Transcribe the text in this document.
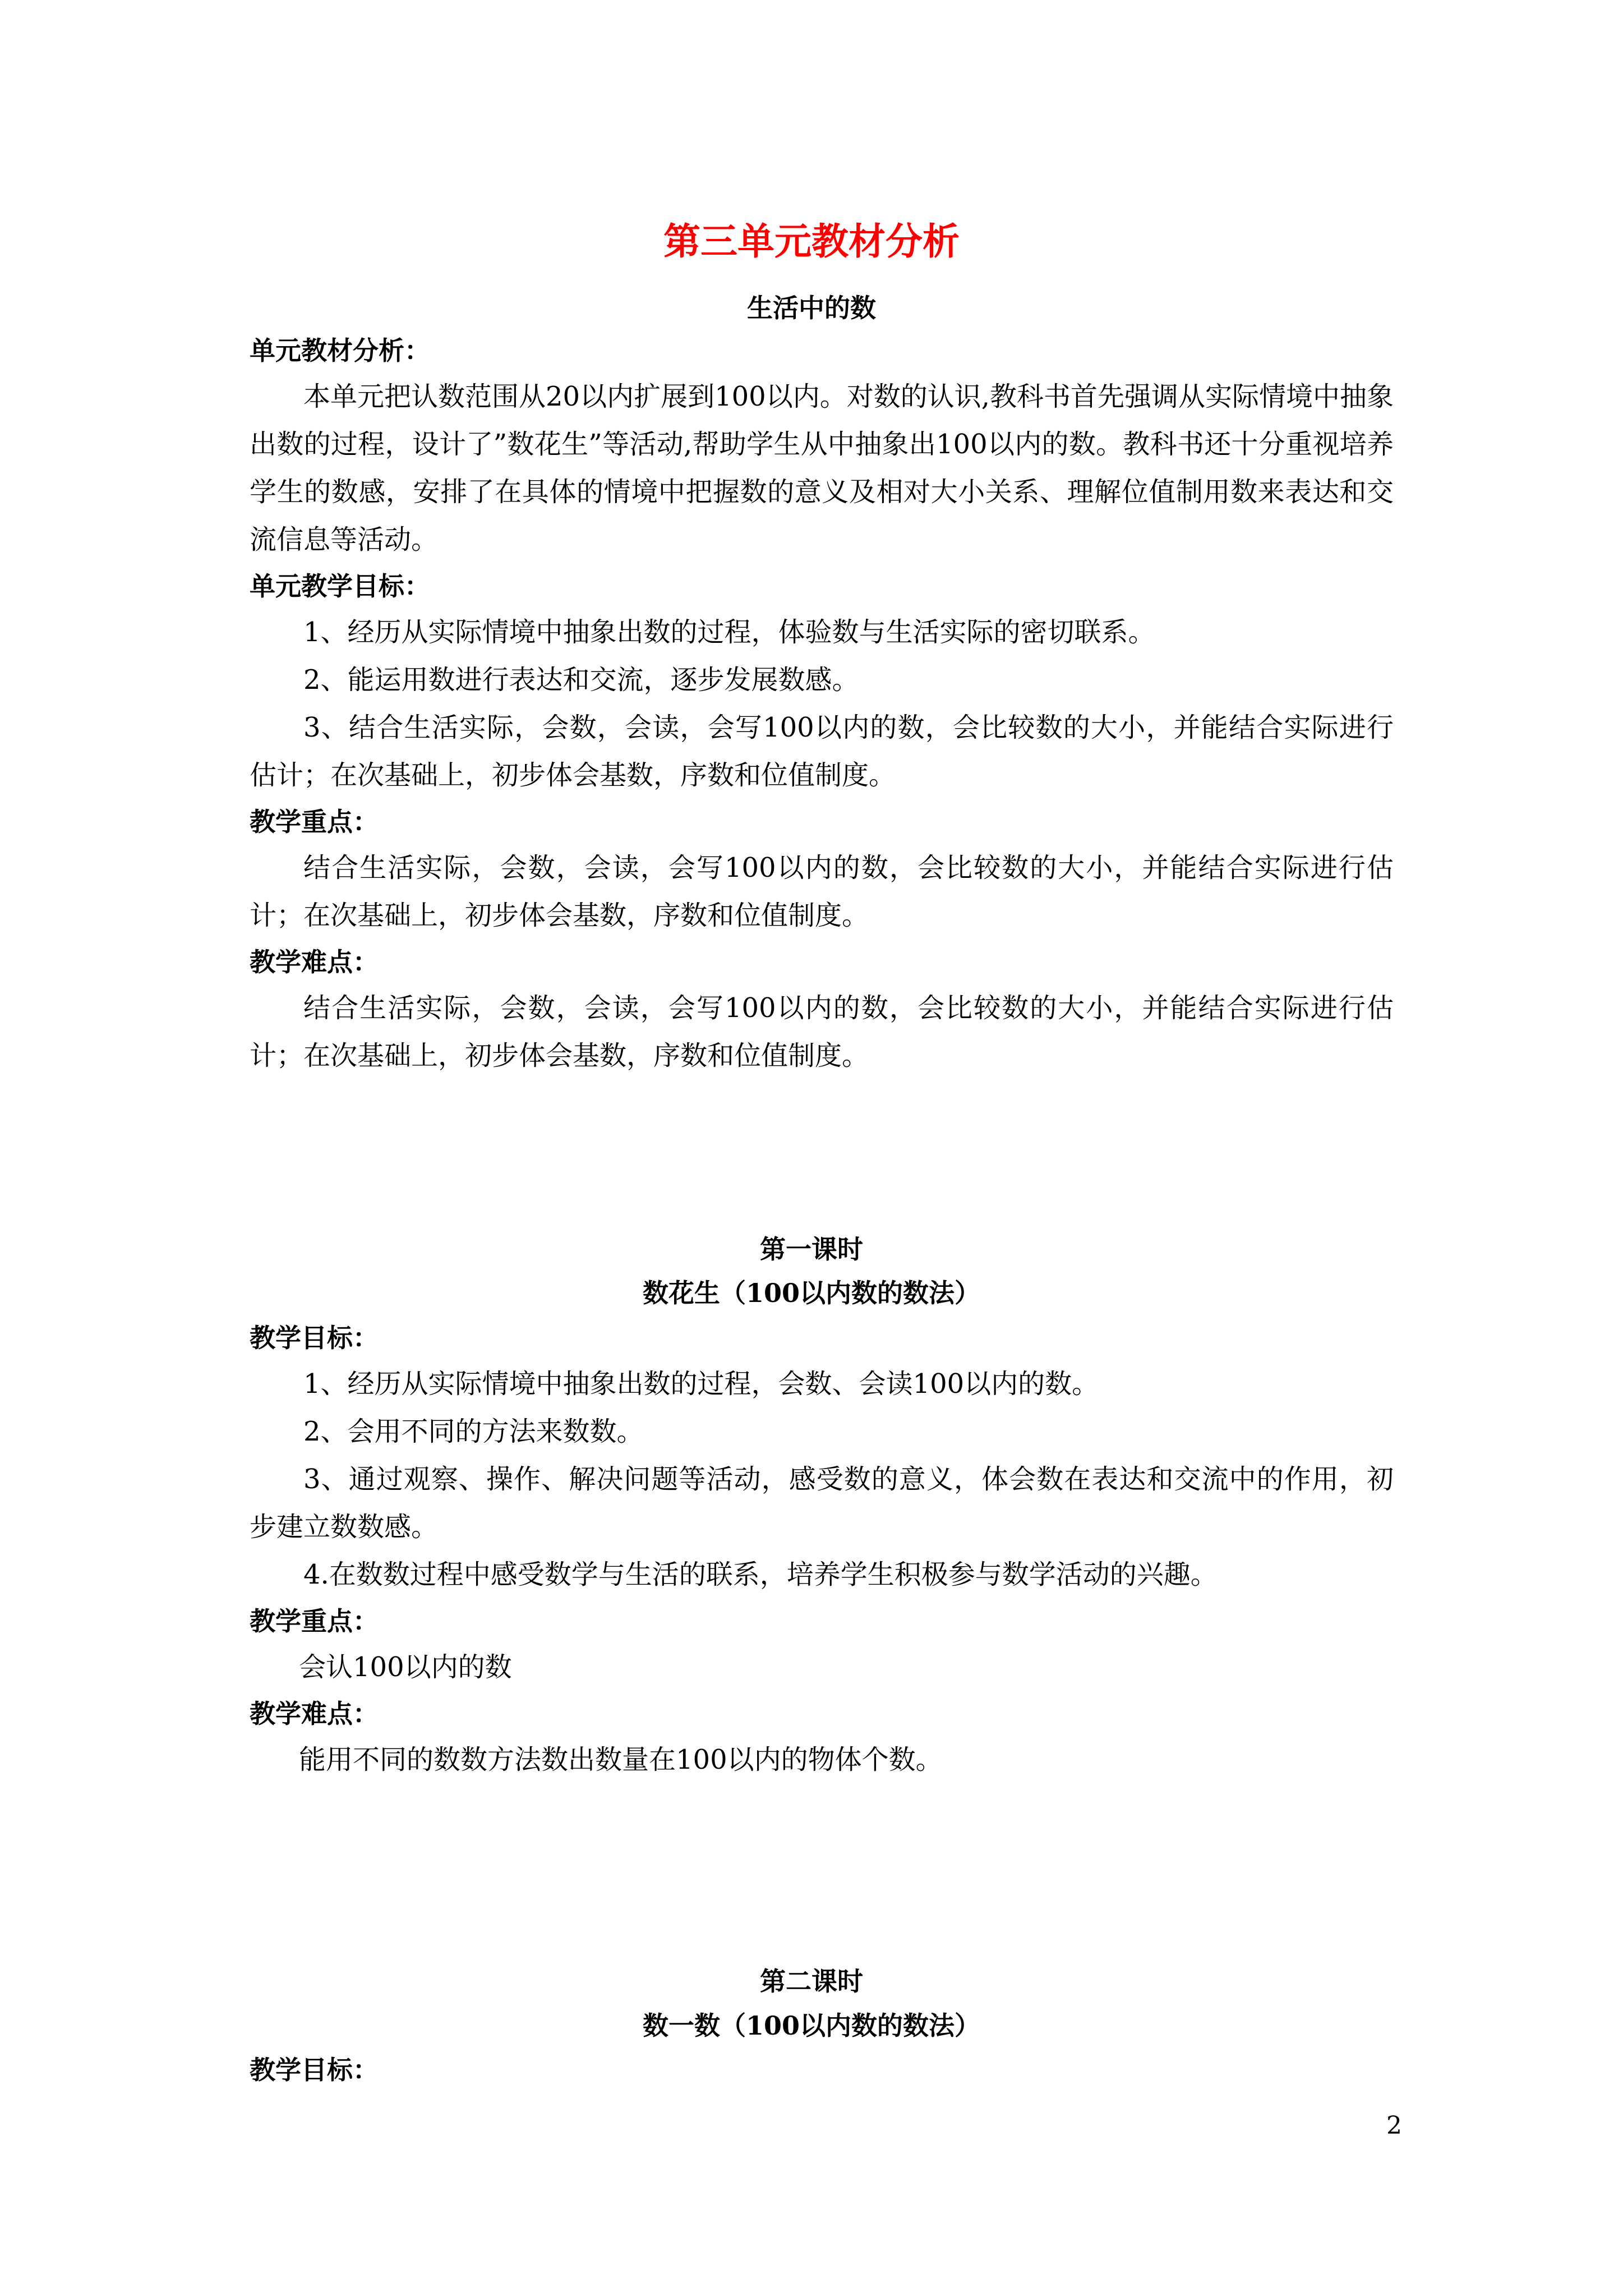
第三单元教材分析
生活中的数

单元教材分析：

本单元把认数范围从20以内扩展到100以内。对数的认识,教科书首先强调从实际情境中抽象出数的过程，设计了”数花生”等活动,帮助学生从中抽象出100以内的数。教科书还十分重视培养学生的数感，安排了在具体的情境中把握数的意义及相对大小关系、理解位值制用数来表达和交流信息等活动。

单元教学目标：

1、经历从实际情境中抽象出数的过程，体验数与生活实际的密切联系。

2、能运用数进行表达和交流，逐步发展数感。

3、结合生活实际，会数，会读，会写100以内的数，会比较数的大小，并能结合实际进行估计；在次基础上，初步体会基数，序数和位值制度。

教学重点：

结合生活实际，会数，会读，会写100以内的数，会比较数的大小，并能结合实际进行估计；在次基础上，初步体会基数，序数和位值制度。

教学难点：

结合生活实际，会数，会读，会写100以内的数，会比较数的大小，并能结合实际进行估计；在次基础上，初步体会基数，序数和位值制度。

第一课时
数花生（100以内数的数法）

教学目标：

1、经历从实际情境中抽象出数的过程，会数、会读100以内的数。

2、会用不同的方法来数数。

3、通过观察、操作、解决问题等活动，感受数的意义，体会数在表达和交流中的作用，初步建立数数感。

4.在数数过程中感受数学与生活的联系，培养学生积极参与数学活动的兴趣。

教学重点：

会认100以内的数

教学难点：

能用不同的数数方法数出数量在100以内的物体个数。

第二课时
数一数（100以内数的数法）

教学目标：

2
